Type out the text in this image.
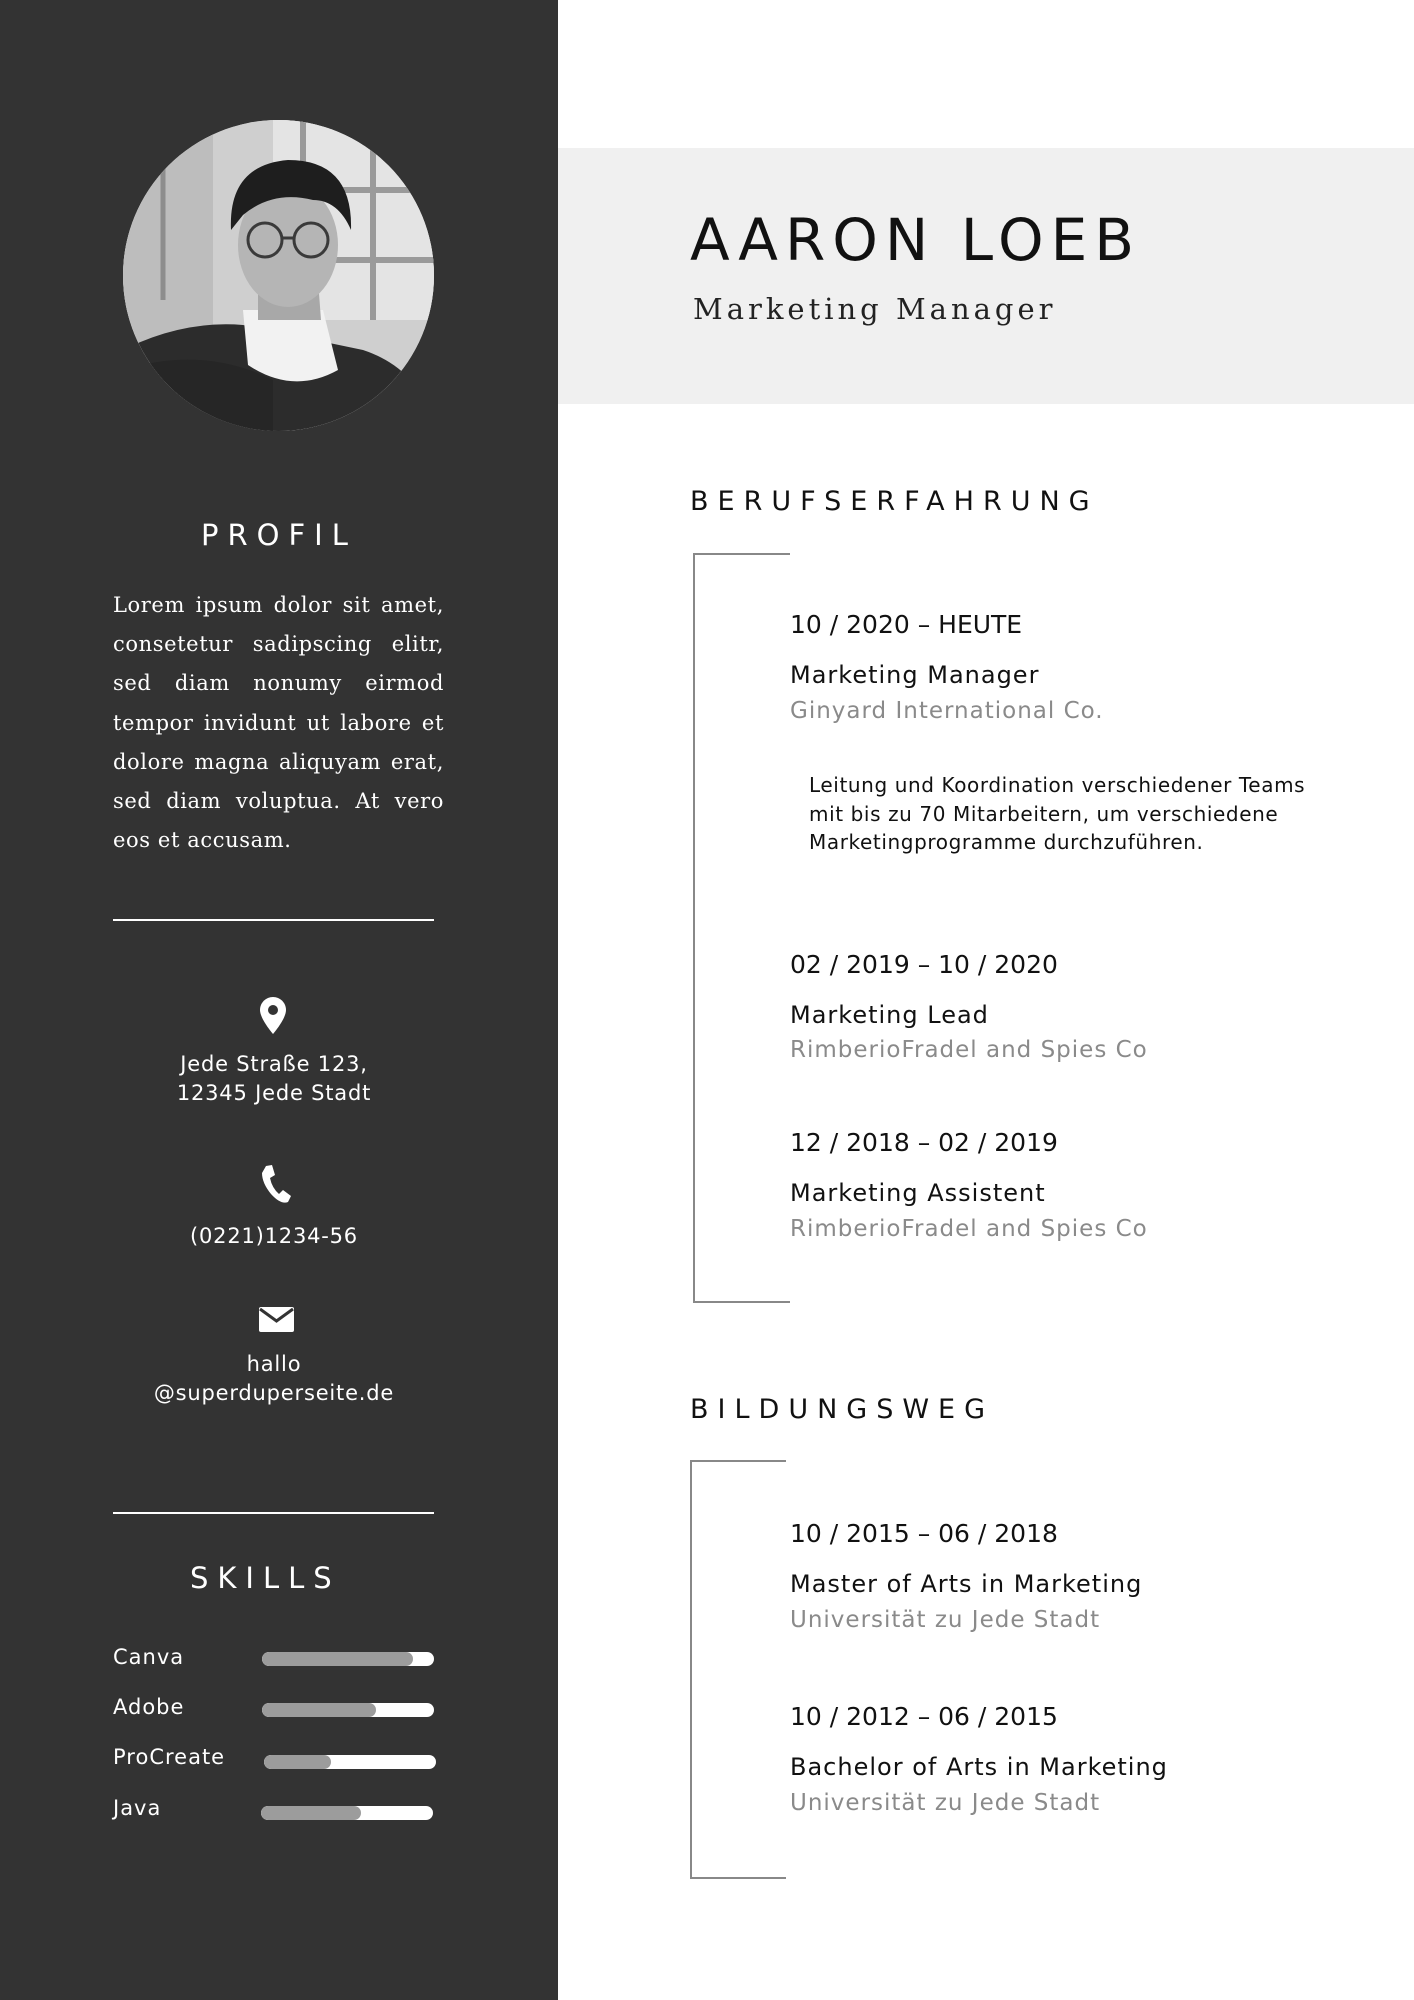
PROFIL
Lorem ipsum dolor sit amet, consetetur sadipscing elitr, sed diam nonumy eirmod tempor invidunt ut labore et dolore magna aliquyam erat, sed diam voluptua. At vero eos et accusam.
Jede Straße 123,
12345 Jede Stadt
(0221)1234-56
hallo
@superduperseite.de
SKILLS
Canva
Adobe
ProCreate
Java
AARON LOEB
Marketing Manager
BERUFSERFAHRUNG
10 / 2020 – HEUTE
Marketing Manager
Ginyard International Co.
Leitung und Koordination verschiedener Teams mit bis zu 70 Mitarbeitern, um verschiedene Marketingprogramme durchzuführen.
02 / 2019 – 10 / 2020
Marketing Lead
RimberioFradel and Spies Co
12 / 2018 – 02 / 2019
Marketing Assistent
RimberioFradel and Spies Co
BILDUNGSWEG
10 / 2015 – 06 / 2018
Master of Arts in Marketing
Universität zu Jede Stadt
10 / 2012 – 06 / 2015
Bachelor of Arts in Marketing
Universität zu Jede Stadt
